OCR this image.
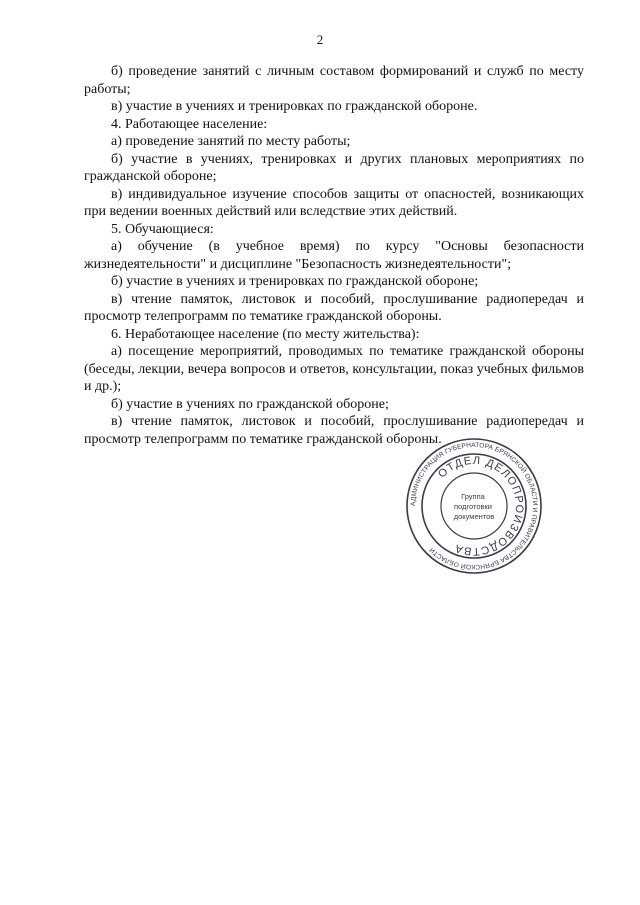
2

б) проведение занятий с личным составом формирований и служб по месту работы;

в) участие в учениях и тренировках по гражданской обороне.

4. Работающее население:

а) проведение занятий по месту работы;

б) участие в учениях, тренировках и других плановых мероприятиях по гражданской обороне;

в) индивидуальное изучение способов защиты от опасностей, возникающих при ведении военных действий или вследствие этих действий.

5. Обучающиеся:

а) обучение (в учебное время) по курсу "Основы безопасности жизнедеятельности" и дисциплине "Безопасность жизнедеятельности";

б) участие в учениях и тренировках по гражданской обороне;

в) чтение памяток, листовок и пособий, прослушивание радиопередач и просмотр телепрограмм по тематике гражданской обороны.

6. Неработающее население (по месту жительства):

а) посещение мероприятий, проводимых по тематике гражданской обороны (беседы, лекции, вечера вопросов и ответов, консультации, показ учебных фильмов и др.);

б) участие в учениях по гражданской обороне;

в) чтение памяток, листовок и пособий, прослушивание радиопередач и просмотр телепрограмм по тематике гражданской обороны.

АДМИНИСТРАЦИЯ ГУБЕРНАТОРА БРЯНСКОЙ ОБЛАСТИ И ПРАВИТЕЛЬСТВА БРЯНСКОЙ ОБЛАСТИ
ОТДЕЛ ДЕЛОПРОИЗВОДСТВА
Группа подготовки документов
